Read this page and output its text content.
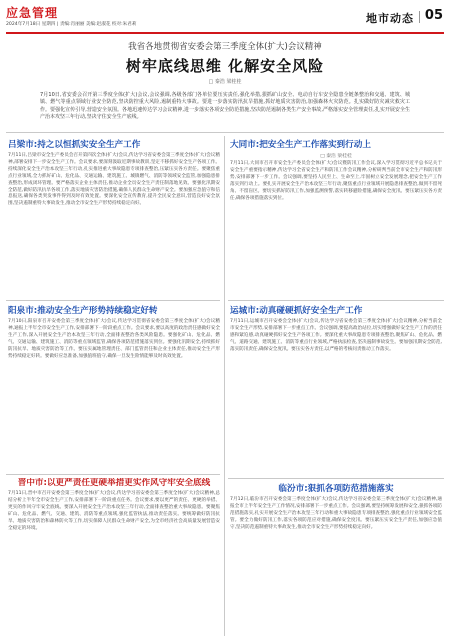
应急管理
2024年7月18日 星期四 | 责编:肖丽丽 美编:赵淑花 校对:朱君莉	地市动态 05
我省各地贯彻省安委会第三季度全体(扩大)会议精神
树牢底线思维 化解安全风险
□ 秦浩 梁桂桂
7月10日,省安委会召开第三季度全体(扩大)会议,会议强调,各级各部门各单位要压实责任,强化举措,狠抓矿山安全、电动自行车安全隐患全链条整治和交通、建筑、城镇、燃气等重点领域行业安全防范,坚决防控重大风险,遏制重特大事故。要进一步落实防汛抗旱措施,抓好地质灾害防治,加强森林火灾防范。扎实做好防灾减灾救灾工作。要强化宣传引导,营造安全氛围。各地迅速传达学习会议精神,进一步落实各项安全防范措施,坚决防范遏制各类生产安全事故,严格落实安全管理责任,扎实开展安全生产治本攻坚三年行动,坚决守住安全生产底线。
吕梁市:持之以恒抓实安全生产工作
7月11日,吕梁市安全生产委员会召开第四次全体(扩大)会议,传达学习省安委会第三季度全体(扩大)会议精神,部署安排下一步安全生产工作。会议要求,要深刻汲取近期事故教训,坚定不移抓好安全生产各项工作。持续深化安全生产治本攻坚三年行动,扎实推进重大事故隐患专项排查整治,压紧压实各方责任。要聚焦重点行业领域,全力抓好矿山、危化品、交通运输、建筑施工、城镇燃气、消防等领域安全监管,加强隐患排查整治,形成闭环管理。要严格落实企业主体责任,推动企业全员安全生产责任制落地见效。要强化汛期安全防范,做好防汛抗旱各项工作,落实地质灾害防治措施,确保人民群众生命财产安全。要加强应急值守和信息报送,确保各类突发事件得到及时有效处置。要深化安全宣传教育,提升全民安全意识,营造良好安全氛围,坚决遏制重特大事故发生,推动全市安全生产形势持续稳定向好。
大同市:把安全生产工作落实到行动上
□ 秦浩 梁桂桂
7月11日,大同市召开市安全生产委员会全体(扩大)会议暨防汛工作会议,深入学习贯彻习近平总书记关于安全生产重要指示精神,传达学习全省安全生产和防汛工作会议精神,分析研判当前全市安全生产和防汛形势,安排部署下一步工作。会议强调,要坚持人民至上、生命至上,牢固树立安全发展理念,把安全生产工作落实到行动上。要扎实开展安全生产治本攻坚三年行动,聚焦重点行业领域开展隐患排查整治,做到不留死角、不留盲区。要切实抓好防汛工作,加强监测预警,落实转移避险措施,确保安全度汛。要压紧压实各方责任,确保各项措施落实到位。
阳泉市:推动安全生产形势持续稳定好转
7月10日,阳泉市召开安委会第三季度全体(扩大)会议,传达学习贯彻省安委会第三季度全体(扩大)会议精神,通报上半年全市安全生产工作,安排部署下一阶段重点工作。会议要求,要以高度的政治责任感做好安全生产工作,深入开展安全生产治本攻坚三年行动,全面排查整治各类风险隐患。要强化矿山、危化品、燃气、交通运输、建筑施工、消防等重点领域监管,确保各项防范措施落实到位。要强化汛期安全,持续抓好防汛抗旱、地质灾害防治等工作。要压实属地管理责任、部门监管责任和企业主体责任,推动安全生产形势持续稳定好转。要做好应急准备,加强值班值守,确保一旦发生险情能够及时高效处置。
运城市:动真碰硬抓好安全生产工作
7月11日,运城市召开安委会全体(扩大)会议,传达学习省安委会第三季度全体(扩大)会议精神,分析当前全市安全生产形势,安排部署下一步重点工作。会议强调,要提高政治站位,切实增强做好安全生产工作的责任感和紧迫感,动真碰硬抓好安全生产各项工作。要深化重大事故隐患专项排查整治,聚焦矿山、危化品、燃气、道路交通、建筑施工、消防等重点行业领域,严格执法检查,坚决遏制事故发生。要加强汛期安全防范,落实防汛责任,确保安全度汛。要压实各方责任,以严格的考核问责推动工作落实。
晋中市:以更严责任更硬举措更实作风守牢安全底线
7月11日,晋中市召开安委会第三季度全体(扩大)会议,传达学习省安委会第三季度全体(扩大)会议精神,总结分析上半年全市安全生产工作,安排部署下一阶段重点任务。会议要求,要以更严的责任、更硬的举措、更实的作风守牢安全底线。要深入开展安全生产治本攻坚三年行动,全面排查整治重大事故隐患。要聚焦矿山、危化品、燃气、交通、建筑、消防等重点领域,强化监管执法,推动责任落实。要统筹做好防汛抗旱、地质灾害防治和森林防火等工作,切实保障人民群众生命财产安全,为全市经济社会高质量发展营造安全稳定的环境。
临汾市:狠抓各项防范措施落实
7月12日,临汾市召开安委会第三季度全体(扩大)会议,传达学习省安委会第三季度全体(扩大)会议精神,通报全市上半年安全生产工作情况,安排部署下一步重点工作。会议强调,要坚持统筹发展和安全,狠抓各项防范措施落实,扎实开展安全生产治本攻坚三年行动和重大事故隐患专项排查整治,强化重点行业领域安全监管。要全力做好防汛工作,落实各项防范应对措施,确保安全度汛。要压紧压实安全生产责任,加强应急值守,坚决防范遏制重特大事故发生,推动全市安全生产形势持续稳定向好。
